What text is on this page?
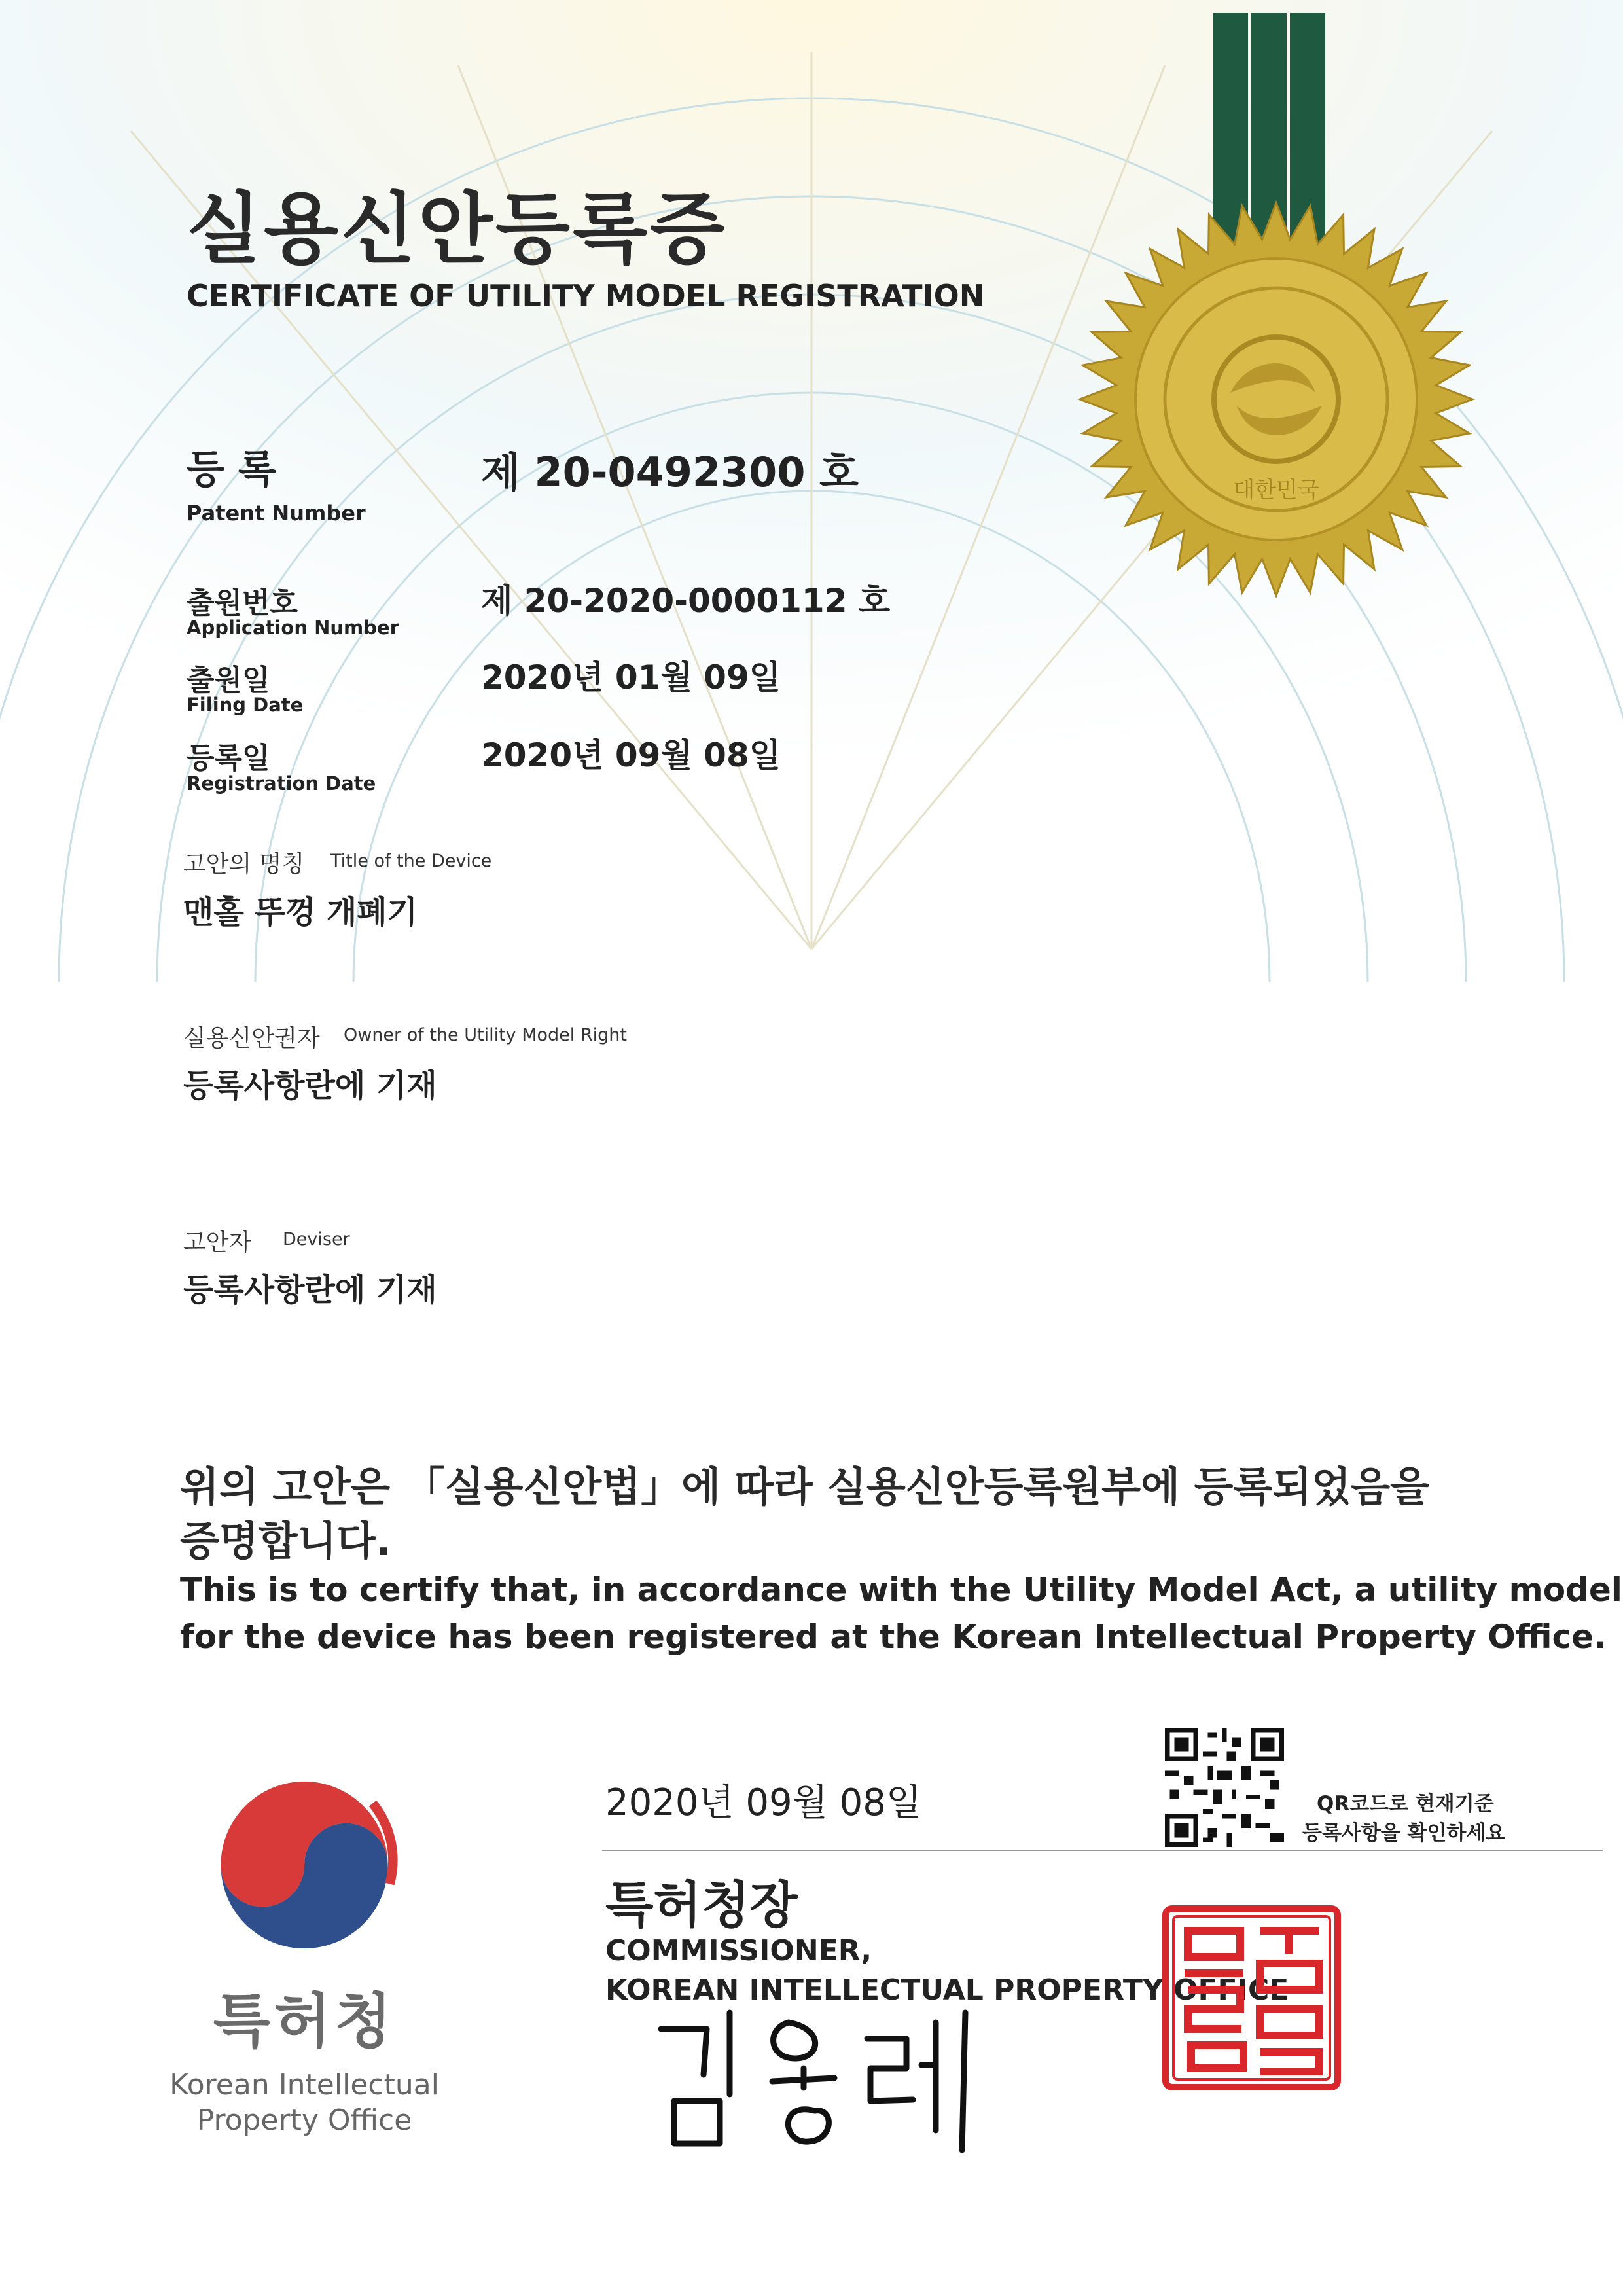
대한민국
실용신안등록증
CERTIFICATE OF UTILITY MODEL REGISTRATION
등 록
Patent Number
제 20-0492300 호
출원번호
Application Number
제 20-2020-0000112 호
출원일
Filing Date
2020년 01월 09일
등록일
Registration Date
2020년 09월 08일
고안의 명칭 Title of the Device
맨홀 뚜껑 개폐기
실용신안권자 Owner of the Utility Model Right
등록사항란에 기재
고안자 Deviser
등록사항란에 기재
위의 고안은 「실용신안법」에 따라 실용신안등록원부에 등록되었음을
증명합니다.
This is to certify that, in accordance with the Utility Model Act, a utility model
for the device has been registered at the Korean Intellectual Property Office.
특허청
Korean Intellectual
Property Office
2020년 09월 08일	QR코드로 현재기준
등록사항을 확인하세요
특허청장
COMMISSIONER,
KOREAN INTELLECTUAL PROPERTY OFFICE
